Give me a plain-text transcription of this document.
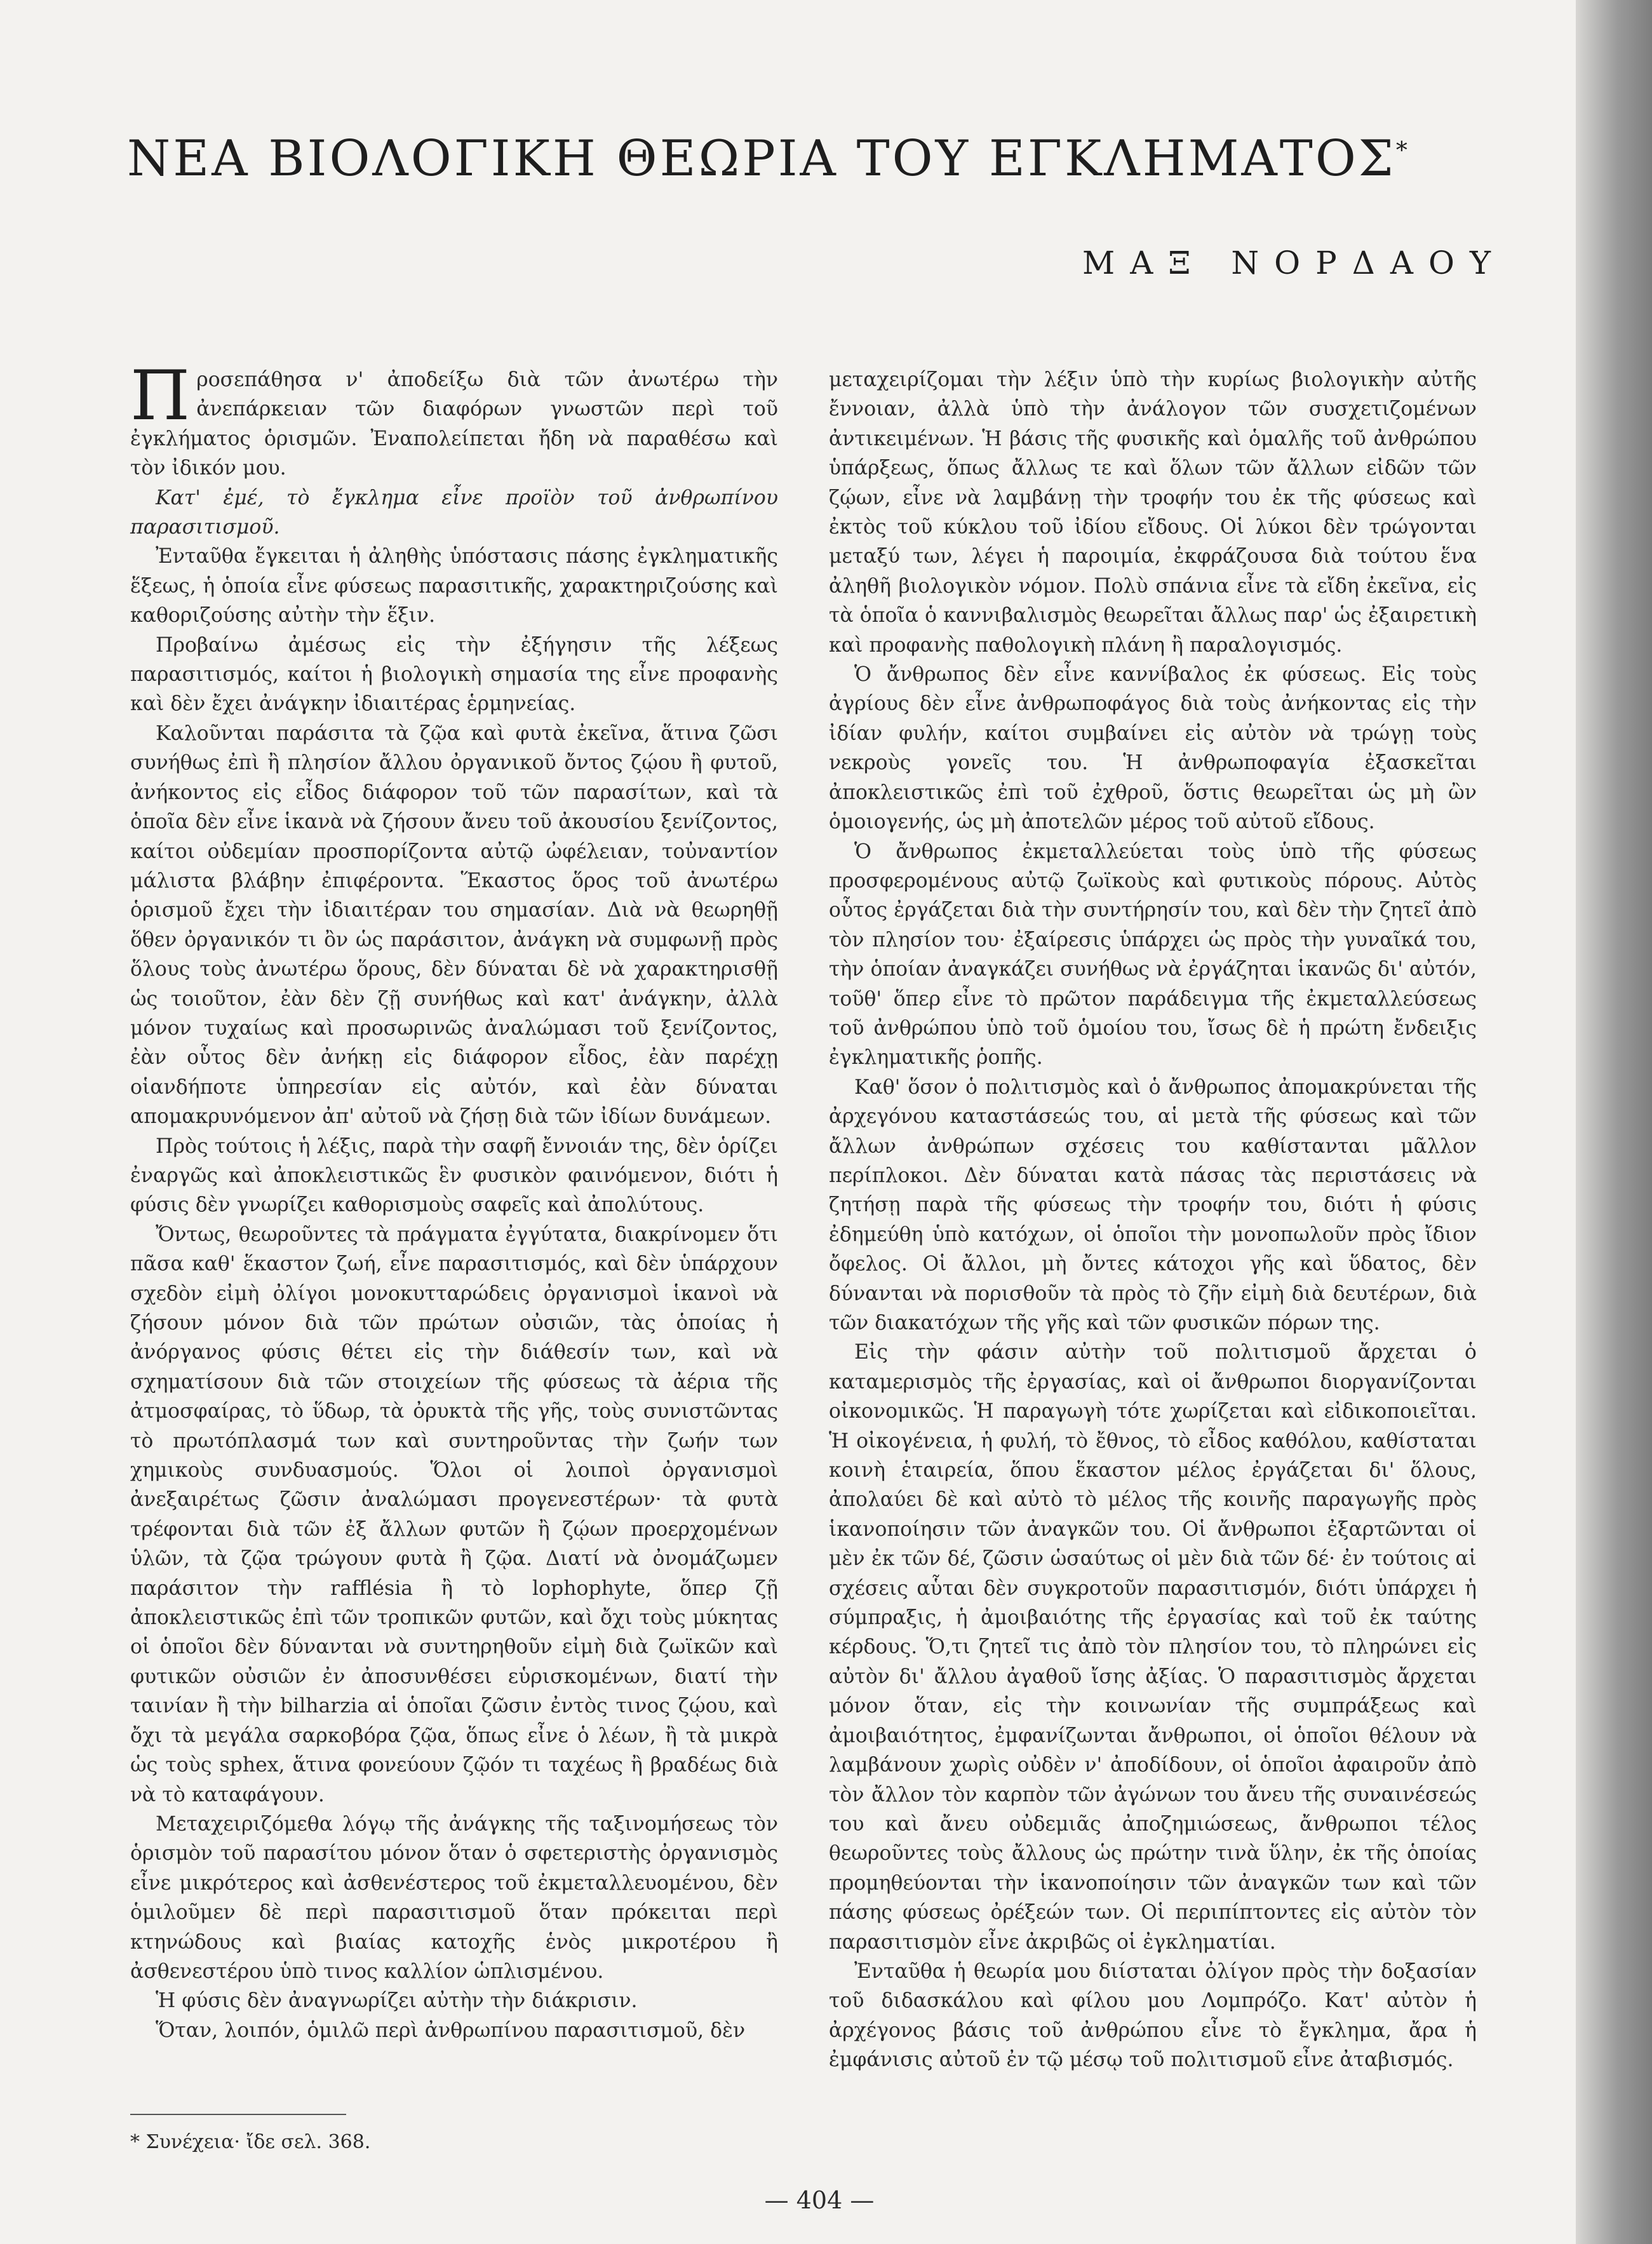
ΝΕΑ ΒΙΟΛΟΓΙΚΗ ΘΕΩΡΙΑ ΤΟΥ ΕΓΚΛΗΜΑΤΟΣ*
ΜΑΞ ΝΟΡΔΑΟΥ

Προσεπάθησα ν' ἀποδείξω διὰ τῶν ἀνωτέρω τὴν ἀνεπάρκειαν τῶν διαφόρων γνωστῶν περὶ τοῦ ἐγκλήματος ὁρισμῶν. Ἐναπολείπεται ἤδη νὰ παραθέσω καὶ τὸν ἰδικόν μου.

Κατ' ἐμέ, τὸ ἔγκλημα εἶνε προϊὸν τοῦ ἀνθρωπίνου παρασιτισμοῦ.

Ἐνταῦθα ἔγκειται ἡ ἀληθὴς ὑπόστασις πάσης ἐγκληματικῆς ἕξεως, ἡ ὁποία εἶνε φύσεως παρασιτικῆς, χαρακτηριζούσης καὶ καθοριζούσης αὐτὴν τὴν ἕξιν.

Προβαίνω ἀμέσως εἰς τὴν ἐξήγησιν τῆς λέξεως παρασιτισμός, καίτοι ἡ βιολογικὴ σημασία της εἶνε προφανὴς καὶ δὲν ἔχει ἀνάγκην ἰδιαιτέρας ἑρμηνείας.

Καλοῦνται παράσιτα τὰ ζῷα καὶ φυτὰ ἐκεῖνα, ἅτινα ζῶσι συνήθως ἐπὶ ἢ πλησίον ἄλλου ὀργανικοῦ ὄντος ζῴου ἢ φυτοῦ, ἀνήκοντος εἰς εἶδος διάφορον τοῦ τῶν παρασίτων, καὶ τὰ ὁποῖα δὲν εἶνε ἱκανὰ νὰ ζήσουν ἄνευ τοῦ ἀκουσίου ξενίζοντος, καίτοι οὐδεμίαν προσπορίζοντα αὐτῷ ὠφέλειαν, τοὐναντίον μάλιστα βλάβην ἐπιφέροντα. Ἕκαστος ὅρος τοῦ ἀνωτέρω ὁρισμοῦ ἔχει τὴν ἰδιαιτέραν του σημασίαν. Διὰ νὰ θεωρηθῇ ὅθεν ὀργανικόν τι ὂν ὡς παράσιτον, ἀνάγκη νὰ συμφωνῇ πρὸς ὅλους τοὺς ἀνωτέρω ὅρους, δὲν δύναται δὲ νὰ χαρακτηρισθῇ ὡς τοιοῦτον, ἐὰν δὲν ζῇ συνήθως καὶ κατ' ἀνάγκην, ἀλλὰ μόνον τυχαίως καὶ προσωρινῶς ἀναλώμασι τοῦ ξενίζοντος, ἐὰν οὗτος δὲν ἀνήκῃ εἰς διάφορον εἶδος, ἐὰν παρέχῃ οἱανδήποτε ὑπηρεσίαν εἰς αὐτόν, καὶ ἐὰν δύναται απομακρυνόμενον ἀπ' αὐτοῦ νὰ ζήσῃ διὰ τῶν ἰδίων δυνάμεων.

Πρὸς τούτοις ἡ λέξις, παρὰ τὴν σαφῆ ἔννοιάν της, δὲν ὁρίζει ἐναργῶς καὶ ἀποκλειστικῶς ἓν φυσικὸν φαινόμενον, διότι ἡ φύσις δὲν γνωρίζει καθορισμοὺς σαφεῖς καὶ ἀπολύτους.

Ὄντως, θεωροῦντες τὰ πράγματα ἐγγύτατα, διακρίνομεν ὅτι πᾶσα καθ' ἕκαστον ζωή, εἶνε παρασιτισμός, καὶ δὲν ὑπάρχουν σχεδὸν εἰμὴ ὀλίγοι μονοκυτταρώδεις ὀργανισμοὶ ἱκανοὶ νὰ ζήσουν μόνον διὰ τῶν πρώτων οὐσιῶν, τὰς ὁποίας ἡ ἀνόργανος φύσις θέτει εἰς τὴν διάθεσίν των, καὶ νὰ σχηματίσουν διὰ τῶν στοιχείων τῆς φύσεως τὰ ἀέρια τῆς ἀτμοσφαίρας, τὸ ὕδωρ, τὰ ὀρυκτὰ τῆς γῆς, τοὺς συνιστῶντας τὸ πρωτόπλασμά των καὶ συντηροῦντας τὴν ζωήν των χημικοὺς συνδυασμούς. Ὅλοι οἱ λοιποὶ ὀργανισμοὶ ἀνεξαιρέτως ζῶσιν ἀναλώμασι προγενεστέρων· τὰ φυτὰ τρέφονται διὰ τῶν ἐξ ἄλλων φυτῶν ἢ ζῴων προερχομένων ὑλῶν, τὰ ζῷα τρώγουν φυτὰ ἢ ζῷα. Διατί νὰ ὀνομάζωμεν παράσιτον τὴν rafflésia ἢ τὸ lophophyte, ὅπερ ζῇ ἀποκλειστικῶς ἐπὶ τῶν τροπικῶν φυτῶν, καὶ ὄχι τοὺς μύκητας οἱ ὁποῖοι δὲν δύνανται νὰ συντηρηθοῦν εἰμὴ διὰ ζωϊκῶν καὶ φυτικῶν οὐσιῶν ἐν ἀποσυνθέσει εὑρισκομένων, διατί τὴν ταινίαν ἢ τὴν bilharzia αἱ ὁποῖαι ζῶσιν ἐντὸς τινος ζῴου, καὶ ὄχι τὰ μεγάλα σαρκοβόρα ζῷα, ὅπως εἶνε ὁ λέων, ἢ τὰ μικρὰ ὡς τοὺς sphex, ἅτινα φονεύουν ζῷόν τι ταχέως ἢ βραδέως διὰ νὰ τὸ καταφάγουν.

Μεταχειριζόμεθα λόγῳ τῆς ἀνάγκης τῆς ταξινομήσεως τὸν ὁρισμὸν τοῦ παρασίτου μόνον ὅταν ὁ σφετεριστὴς ὀργανισμὸς εἶνε μικρότερος καὶ ἀσθενέστερος τοῦ ἐκμεταλλευομένου, δὲν ὁμιλοῦμεν δὲ περὶ παρασιτισμοῦ ὅταν πρόκειται περὶ κτηνώδους καὶ βιαίας κατοχῆς ἑνὸς μικροτέρου ἢ ἀσθενεστέρου ὑπὸ τινος καλλίον ὡπλισμένου.

Ἡ φύσις δὲν ἀναγνωρίζει αὐτὴν τὴν διάκρισιν.

Ὅταν, λοιπόν, ὁμιλῶ περὶ ἀνθρωπίνου παρασιτισμοῦ, δὲν

μεταχειρίζομαι τὴν λέξιν ὑπὸ τὴν κυρίως βιολογικὴν αὐτῆς ἔννοιαν, ἀλλὰ ὑπὸ τὴν ἀνάλογον τῶν συσχετιζομένων ἀντικειμένων. Ἡ βάσις τῆς φυσικῆς καὶ ὁμαλῆς τοῦ ἀνθρώπου ὑπάρξεως, ὅπως ἄλλως τε καὶ ὅλων τῶν ἄλλων εἰδῶν τῶν ζῴων, εἶνε νὰ λαμβάνῃ τὴν τροφήν του ἐκ τῆς φύσεως καὶ ἐκτὸς τοῦ κύκλου τοῦ ἰδίου εἴδους. Οἱ λύκοι δὲν τρώγονται μεταξύ των, λέγει ἡ παροιμία, ἐκφράζουσα διὰ τούτου ἕνα ἀληθῆ βιολογικὸν νόμον. Πολὺ σπάνια εἶνε τὰ εἴδη ἐκεῖνα, εἰς τὰ ὁποῖα ὁ καννιβαλισμὸς θεωρεῖται ἄλλως παρ' ὡς ἐξαιρετικὴ καὶ προφανὴς παθολογικὴ πλάνη ἢ παραλογισμός.

Ὁ ἄνθρωπος δὲν εἶνε καννίβαλος ἐκ φύσεως. Εἰς τοὺς ἀγρίους δὲν εἶνε ἀνθρωποφάγος διὰ τοὺς ἀνήκοντας εἰς τὴν ἰδίαν φυλήν, καίτοι συμβαίνει εἰς αὐτὸν νὰ τρώγῃ τοὺς νεκροὺς γονεῖς του. Ἡ ἀνθρωποφαγία ἐξασκεῖται ἀποκλειστικῶς ἐπὶ τοῦ ἐχθροῦ, ὅστις θεωρεῖται ὡς μὴ ὢν ὁμοιογενής, ὡς μὴ ἀποτελῶν μέρος τοῦ αὐτοῦ εἴδους.

Ὁ ἄνθρωπος ἐκμεταλλεύεται τοὺς ὑπὸ τῆς φύσεως προσφερομένους αὐτῷ ζωϊκοὺς καὶ φυτικοὺς πόρους. Αὐτὸς οὗτος ἐργάζεται διὰ τὴν συντήρησίν του, καὶ δὲν τὴν ζητεῖ ἀπὸ τὸν πλησίον του· ἐξαίρεσις ὑπάρχει ὡς πρὸς τὴν γυναῖκά του, τὴν ὁποίαν ἀναγκάζει συνήθως νὰ ἐργάζηται ἱκανῶς δι' αὐτόν, τοῦθ' ὅπερ εἶνε τὸ πρῶτον παράδειγμα τῆς ἐκμεταλλεύσεως τοῦ ἀνθρώπου ὑπὸ τοῦ ὁμοίου του, ἴσως δὲ ἡ πρώτη ἔνδειξις ἐγκληματικῆς ῥοπῆς.

Καθ' ὅσον ὁ πολιτισμὸς καὶ ὁ ἄνθρωπος ἀπομακρύνεται τῆς ἀρχεγόνου καταστάσεώς του, αἱ μετὰ τῆς φύσεως καὶ τῶν ἄλλων ἀνθρώπων σχέσεις του καθίστανται μᾶλλον περίπλοκοι. Δὲν δύναται κατὰ πάσας τὰς περιστάσεις νὰ ζητήσῃ παρὰ τῆς φύσεως τὴν τροφήν του, διότι ἡ φύσις ἐδημεύθη ὑπὸ κατόχων, οἱ ὁποῖοι τὴν μονοπωλοῦν πρὸς ἴδιον ὄφελος. Οἱ ἄλλοι, μὴ ὄντες κάτοχοι γῆς καὶ ὕδατος, δὲν δύνανται νὰ πορισθοῦν τὰ πρὸς τὸ ζῆν εἰμὴ διὰ δευτέρων, διὰ τῶν διακατόχων τῆς γῆς καὶ τῶν φυσικῶν πόρων της.

Εἰς τὴν φάσιν αὐτὴν τοῦ πολιτισμοῦ ἄρχεται ὁ καταμερισμὸς τῆς ἐργασίας, καὶ οἱ ἄνθρωποι διοργανίζονται οἰκονομικῶς. Ἡ παραγωγὴ τότε χωρίζεται καὶ εἰδικοποιεῖται. Ἡ οἰκογένεια, ἡ φυλή, τὸ ἔθνος, τὸ εἶδος καθόλου, καθίσταται κοινὴ ἑταιρεία, ὅπου ἕκαστον μέλος ἐργάζεται δι' ὅλους, ἀπολαύει δὲ καὶ αὐτὸ τὸ μέλος τῆς κοινῆς παραγωγῆς πρὸς ἱκανοποίησιν τῶν ἀναγκῶν του. Οἱ ἄνθρωποι ἐξαρτῶνται οἱ μὲν ἐκ τῶν δέ, ζῶσιν ὡσαύτως οἱ μὲν διὰ τῶν δέ· ἐν τούτοις αἱ σχέσεις αὗται δὲν συγκροτοῦν παρασιτισμόν, διότι ὑπάρχει ἡ σύμπραξις, ἡ ἀμοιβαιότης τῆς ἐργασίας καὶ τοῦ ἐκ ταύτης κέρδους. Ὅ,τι ζητεῖ τις ἀπὸ τὸν πλησίον του, τὸ πληρώνει εἰς αὐτὸν δι' ἄλλου ἀγαθοῦ ἴσης ἀξίας. Ὁ παρασιτισμὸς ἄρχεται μόνον ὅταν, εἰς τὴν κοινωνίαν τῆς συμπράξεως καὶ ἀμοιβαιότητος, ἐμφανίζωνται ἄνθρωποι, οἱ ὁποῖοι θέλουν νὰ λαμβάνουν χωρὶς οὐδὲν ν' ἀποδίδουν, οἱ ὁποῖοι ἀφαιροῦν ἀπὸ τὸν ἄλλον τὸν καρπὸν τῶν ἀγώνων του ἄνευ τῆς συναινέσεώς του καὶ ἄνευ οὐδεμιᾶς ἀποζημιώσεως, ἄνθρωποι τέλος θεωροῦντες τοὺς ἄλλους ὡς πρώτην τινὰ ὕλην, ἐκ τῆς ὁποίας προμηθεύονται τὴν ἱκανοποίησιν τῶν ἀναγκῶν των καὶ τῶν πάσης φύσεως ὀρέξεών των. Οἱ περιπίπτοντες εἰς αὐτὸν τὸν παρασιτισμὸν εἶνε ἀκριβῶς οἱ ἐγκληματίαι.

Ἐνταῦθα ἡ θεωρία μου διίσταται ὀλίγον πρὸς τὴν δοξασίαν τοῦ διδασκάλου καὶ φίλου μου Λομπρόζο. Κατ' αὐτὸν ἡ ἀρχέγονος βάσις τοῦ ἀνθρώπου εἶνε τὸ ἔγκλημα, ἄρα ἡ ἐμφάνισις αὐτοῦ ἐν τῷ μέσῳ τοῦ πολιτισμοῦ εἶνε ἀταβισμός.

* Συνέχεια· ἴδε σελ. 368.
— 404 —
